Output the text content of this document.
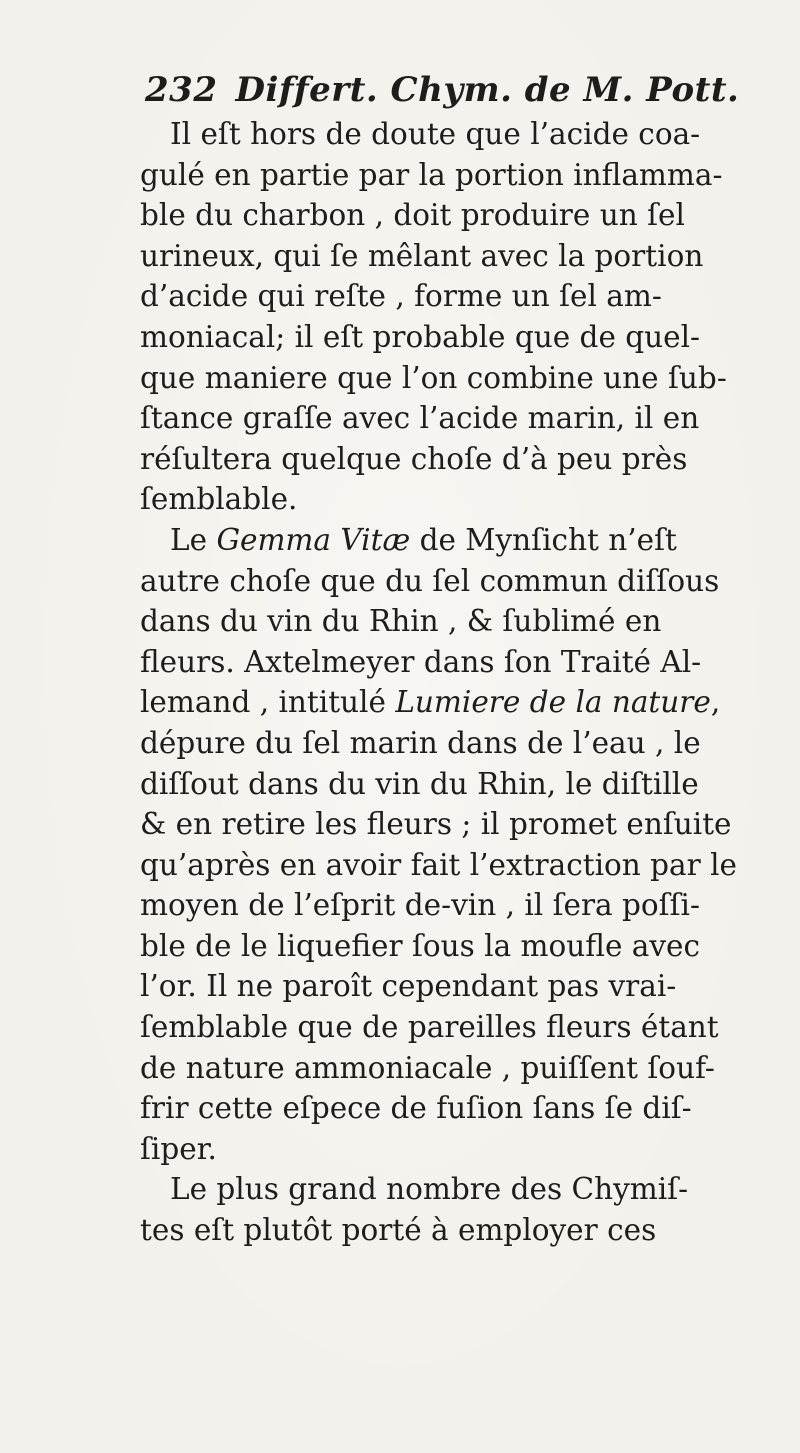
232 Differt. Chym. de M. Pott.
Il eſt hors de doute que l’acide coa-
gulé en partie par la portion inflamma-
ble du charbon , doit produire un ſel
urineux, qui ſe mêlant avec la portion
d’acide qui reſte , forme un ſel am-
moniacal; il eſt probable que de quel-
que maniere que l’on combine une ſub-
ſtance graſſe avec l’acide marin, il en
réſultera quelque choſe d’à peu près
ſemblable.
Le Gemma Vitæ de Mynſicht n’eſt
autre choſe que du ſel commun diſſous
dans du vin du Rhin , & ſublimé en
fleurs. Axtelmeyer dans ſon Traité Al-
lemand , intitulé Lumiere de la nature,
dépure du ſel marin dans de l’eau , le
diſſout dans du vin du Rhin, le diſtille
& en retire les fleurs ; il promet enſuite
qu’après en avoir fait l’extraction par le
moyen de l’eſprit de-vin , il ſera poſſi-
ble de le liquefier ſous la moufle avec
l’or. Il ne paroît cependant pas vrai-
ſemblable que de pareilles fleurs étant
de nature ammoniacale , puiſſent ſouf-
frir cette eſpece de fuſion ſans ſe diſ-
ſiper.
Le plus grand nombre des Chymiſ-
tes eſt plutôt porté à employer ces
